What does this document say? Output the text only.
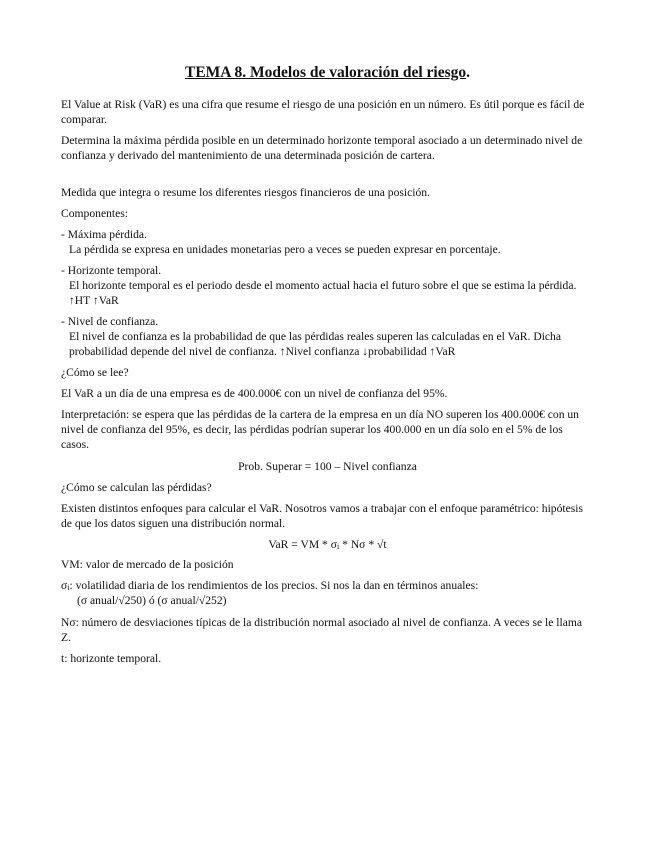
TEMA 8. Modelos de valoración del riesgo.

El Value at Risk (VaR) es una cifra que resume el riesgo de una posición en un número. Es útil porque es fácil de comparar.

Determina la máxima pérdida posible en un determinado horizonte temporal asociado a un determinado nivel de confianza y derivado del mantenimiento de una determinada posición de cartera.

Medida que integra o resume los diferentes riesgos financieros de una posición.

Componentes:

- Máxima pérdida.

La pérdida se expresa en unidades monetarias pero a veces se pueden expresar en porcentaje.

- Horizonte temporal.

El horizonte temporal es el periodo desde el momento actual hacia el futuro sobre el que se estima la pérdida. ↑HT ↑VaR

- Nivel de confianza.

El nivel de confianza es la probabilidad de que las pérdidas reales superen las calculadas en el VaR. Dicha probabilidad depende del nivel de confianza. ↑Nivel confianza ↓probabilidad ↑VaR

¿Cómo se lee?

El VaR a un día de una empresa es de 400.000€ con un nivel de confianza del 95%.

Interpretación: se espera que las pérdidas de la cartera de la empresa en un día NO superen los 400.000€ con un nivel de confianza del 95%, es decir, las pérdidas podrían superar los 400.000 en un día solo en el 5% de los casos.

Prob. Superar = 100 – Nivel confianza

¿Cómo se calculan las pérdidas?

Existen distintos enfoques para calcular el VaR. Nosotros vamos a trabajar con el enfoque paramétrico: hipótesis de que los datos siguen una distribución normal.

VaR = VM * σi * Nσ * √t

VM: valor de mercado de la posición

σi: volatilidad diaria de los rendimientos de los precios. Si nos la dan en términos anuales:

(σ anual/√250) ó (σ anual/√252)

Nσ: número de desviaciones típicas de la distribución normal asociado al nivel de confianza. A veces se le llama Z.

t: horizonte temporal.
